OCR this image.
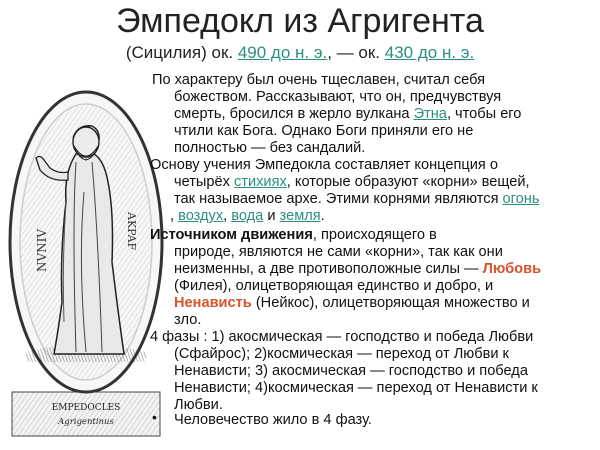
Эмпедокл из Агригента
(Сицилия) ок. 490 до н. э., — ок. 430 до н. э.
NVNIV	AKPAF
EMPEDOCLES
Agrigentinus
По характеру был очень тщеславен, считал себя
божеством. Рассказывают, что он, предчувствуя
смерть, бросился в жерло вулкана Этна, чтобы его
чтили как Бога. Однако Боги приняли его не
полностью — без сандалий.
Основу учения Эмпедокла составляет концепция о
четырёх стихиях, которые образуют «корни» вещей,
так называемое архе. Этими корнями являются огонь
, воздух, вода и земля.
Источником движения, происходящего в
природе, являются не сами «корни», так как они
неизменны, а две противоположные силы — Любовь
(Филея), олицетворяющая единство и добро, и
Ненависть (Нейкос), олицетворяющая множество и
зло.
4 фазы : 1) акосмическая — господство и победа Любви
(Сфайрос); 2)космическая — переход от Любви к
Ненависти; 3) акосмическая — господство и победа
Ненависти; 4)космическая — переход от Ненависти к
Любви.
• Человечество жило в 4 фазу.
